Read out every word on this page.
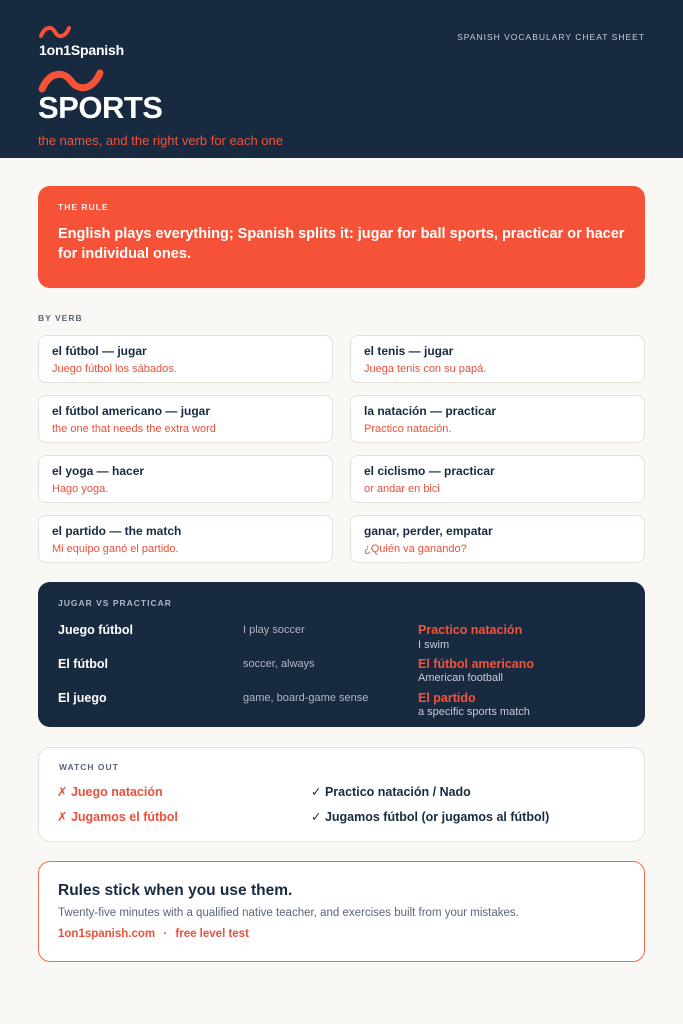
1on1Spanish
SPORTS
the names, and the right verb for each one
SPANISH VOCABULARY CHEAT SHEET
THE RULE
English plays everything; Spanish splits it: jugar for ball sports, practicar or hacer for individual ones.
BY VERB
el fútbol — jugar
Juego fútbol los sábados.
el tenis — jugar
Juega tenis con su papá.
el fútbol americano — jugar
the one that needs the extra word
la natación — practicar
Practico natación.
el yoga — hacer
Hago yoga.
el ciclismo — practicar
or andar en bici
el partido — the match
Mi equipo ganó el partido.
ganar, perder, empatar
¿Quién va ganando?
JUGAR VS PRACTICAR
Juego fútbol	I play soccer	Practico natación
I swim
El fútbol	soccer, always	El fútbol americano
American football
El juego	game, board-game sense	El partido
a specific sports match
WATCH OUT
✗ Juego natación	✓ Practico natación / Nado
✗ Jugamos el fútbol	✓ Jugamos fútbol (or jugamos al fútbol)
Rules stick when you use them.
Twenty-five minutes with a qualified native teacher, and exercises built from your mistakes.
1on1spanish.com · free level test
